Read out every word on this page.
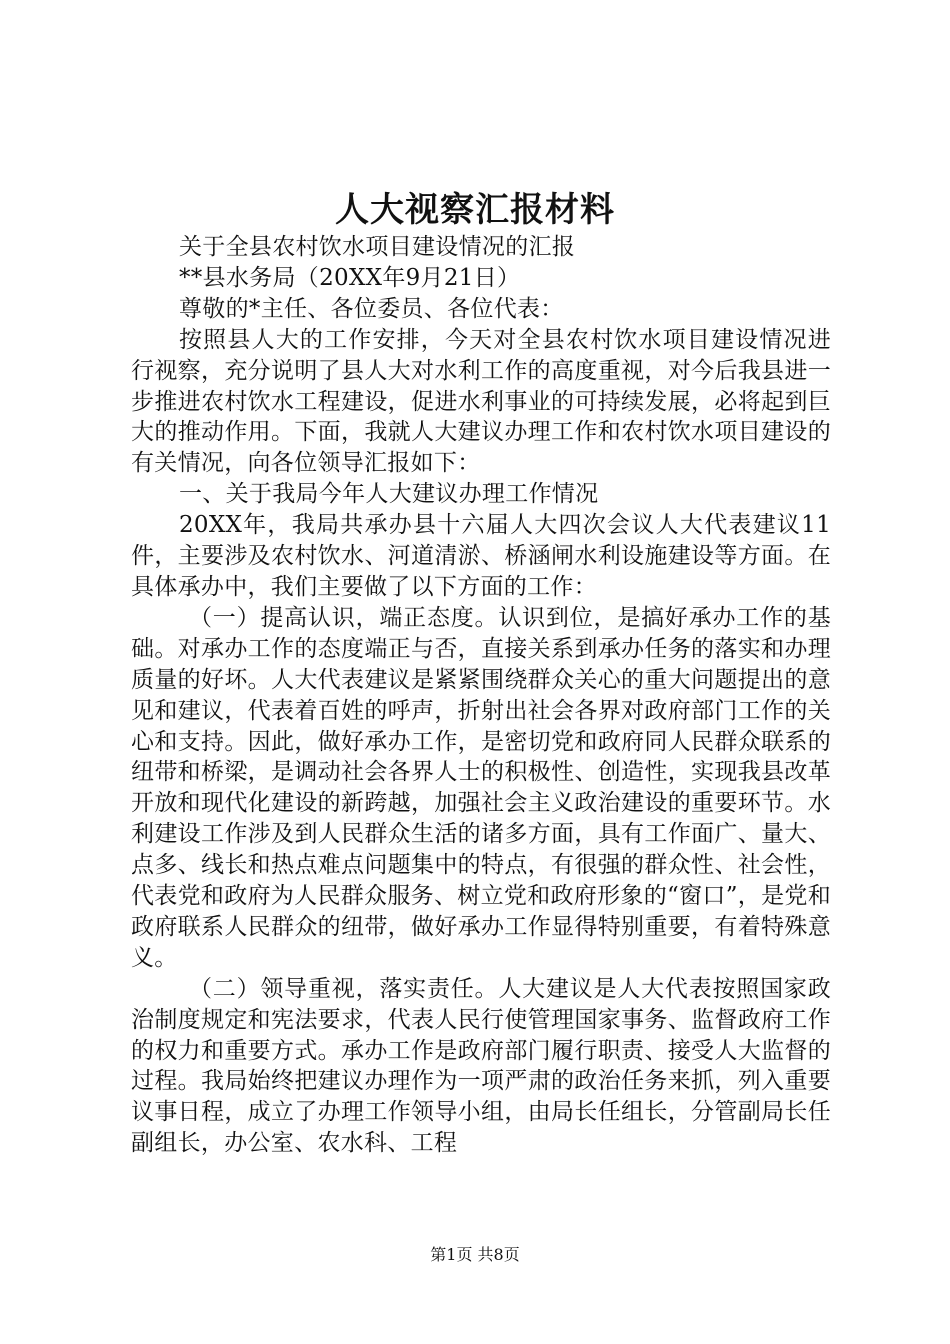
人大视察汇报材料

关于全县农村饮水项目建设情况的汇报

**县水务局（20XX年9月21日）

尊敬的*主任、各位委员、各位代表：

按照县人大的工作安排，今天对全县农村饮水项目建设情况进行视察，充分说明了县人大对水利工作的高度重视，对今后我县进一步推进农村饮水工程建设，促进水利事业的可持续发展，必将起到巨大的推动作用。下面，我就人大建议办理工作和农村饮水项目建设的有关情况，向各位领导汇报如下：

一、关于我局今年人大建议办理工作情况

20XX年，我局共承办县十六届人大四次会议人大代表建议11件，主要涉及农村饮水、河道清淤、桥涵闸水利设施建设等方面。在具体承办中，我们主要做了以下方面的工作：

（一）提高认识，端正态度。认识到位，是搞好承办工作的基础。对承办工作的态度端正与否，直接关系到承办任务的落实和办理质量的好坏。人大代表建议是紧紧围绕群众关心的重大问题提出的意见和建议，代表着百姓的呼声，折射出社会各界对政府部门工作的关心和支持。因此，做好承办工作，是密切党和政府同人民群众联系的纽带和桥梁，是调动社会各界人士的积极性、创造性，实现我县改革开放和现代化建设的新跨越，加强社会主义政治建设的重要环节。水利建设工作涉及到人民群众生活的诸多方面，具有工作面广、量大、点多、线长和热点难点问题集中的特点，有很强的群众性、社会性，代表党和政府为人民群众服务、树立党和政府形象的“窗口”，是党和政府联系人民群众的纽带，做好承办工作显得特别重要，有着特殊意义。

（二）领导重视，落实责任。人大建议是人大代表按照国家政治制度规定和宪法要求，代表人民行使管理国家事务、监督政府工作的权力和重要方式。承办工作是政府部门履行职责、接受人大监督的过程。我局始终把建议办理作为一项严肃的政治任务来抓，列入重要议事日程，成立了办理工作领导小组，由局长任组长，分管副局长任副组长，办公室、农水科、工程

第1页 共8页
